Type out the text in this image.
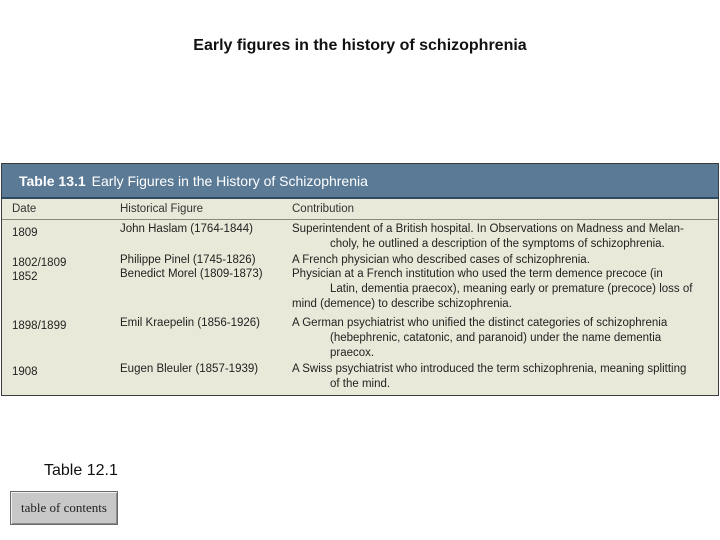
Early figures in the history of schizophrenia
Table 13.1 Early Figures in the History of Schizophrenia
Date	Historical Figure	Contribution
1809	John Haslam (1764-1844)	Superintendent of a British hospital. In Observations on Madness and Melan-
choly, he outlined a description of the symptoms of schizophrenia.
1802/1809	Philippe Pinel (1745-1826)	A French physician who described cases of schizophrenia.
1852	Benedict Morel (1809-1873)	Physician at a French institution who used the term demence precoce (in
Latin, dementia praecox), meaning early or premature (precoce) loss of
mind (demence) to describe schizophrenia.
1898/1899	Emil Kraepelin (1856-1926)	A German psychiatrist who unified the distinct categories of schizophrenia
(hebephrenic, catatonic, and paranoid) under the name dementia
praecox.
1908	Eugen Bleuler (1857-1939)	A Swiss psychiatrist who introduced the term schizophrenia, meaning splitting
of the mind.
Table 12.1
table of contents
